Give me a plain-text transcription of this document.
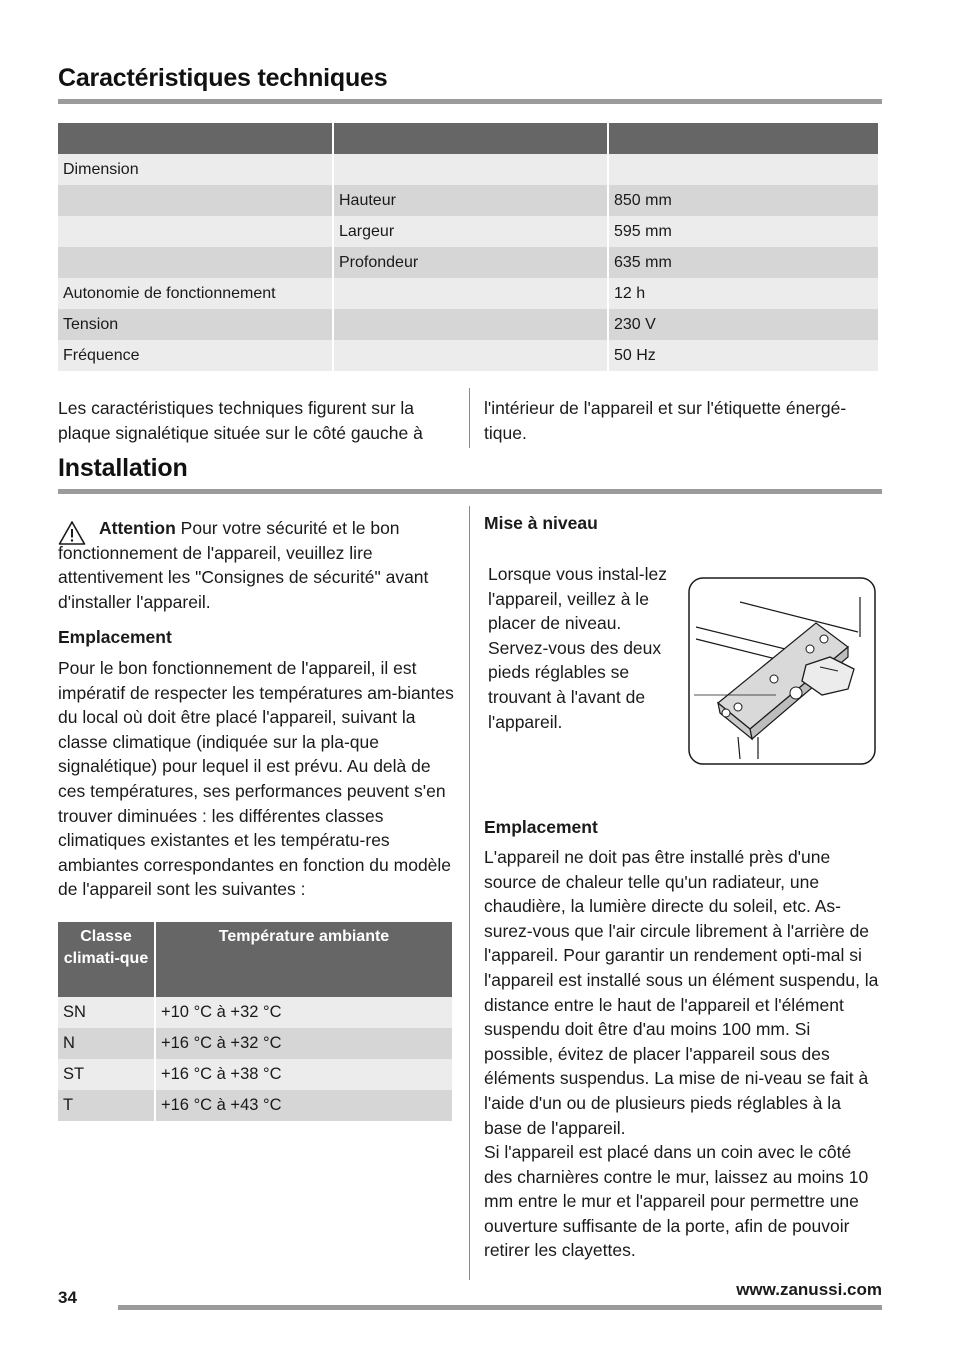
Caractéristiques techniques

Dimension		
	Hauteur	850 mm
	Largeur	595 mm
	Profondeur	635 mm
Autonomie de fonctionnement		12 h
Tension		230 V
Fréquence		50 Hz
Les caractéristiques techniques figurent sur la plaque signalétique située sur le côté gauche à
l'intérieur de l'appareil et sur l'étiquette énergé-tique.
Installation
Attention Pour votre sécurité et le bon fonctionnement de l'appareil, veuillez lire attentivement les "Consignes de sécurité" avant d'installer l'appareil.
Emplacement
Pour le bon fonctionnement de l'appareil, il est impératif de respecter les températures am-biantes du local où doit être placé l'appareil, suivant la classe climatique (indiquée sur la pla-que signalétique) pour lequel il est prévu. Au delà de ces températures, ses performances peuvent s'en trouver diminuées : les différentes classes climatiques existantes et les températu-res ambiantes correspondantes en fonction du modèle de l'appareil sont les suivantes :
Classe climati-que	Température ambiante
SN	+10 °C à +32 °C
N	+16 °C à +32 °C
ST	+16 °C à +38 °C
T	+16 °C à +43 °C
Mise à niveau
Lorsque vous instal-lez l'appareil, veillez à le placer de niveau. Servez-vous des deux pieds réglables se trouvant à l'avant de l'appareil.
Emplacement
L'appareil ne doit pas être installé près d'une source de chaleur telle qu'un radiateur, une chaudière, la lumière directe du soleil, etc. As-surez-vous que l'air circule librement à l'arrière de l'appareil. Pour garantir un rendement opti-mal si l'appareil est installé sous un élément suspendu, la distance entre le haut de l'appareil et l'élément suspendu doit être d'au moins 100 mm. Si possible, évitez de placer l'appareil sous des éléments suspendus. La mise de ni-veau se fait à l'aide d'un ou de plusieurs pieds réglables à la base de l'appareil.
Si l'appareil est placé dans un coin avec le côté des charnières contre le mur, laissez au moins 10 mm entre le mur et l'appareil pour permettre une ouverture suffisante de la porte, afin de pouvoir retirer les clayettes.
34	www.zanussi.com
